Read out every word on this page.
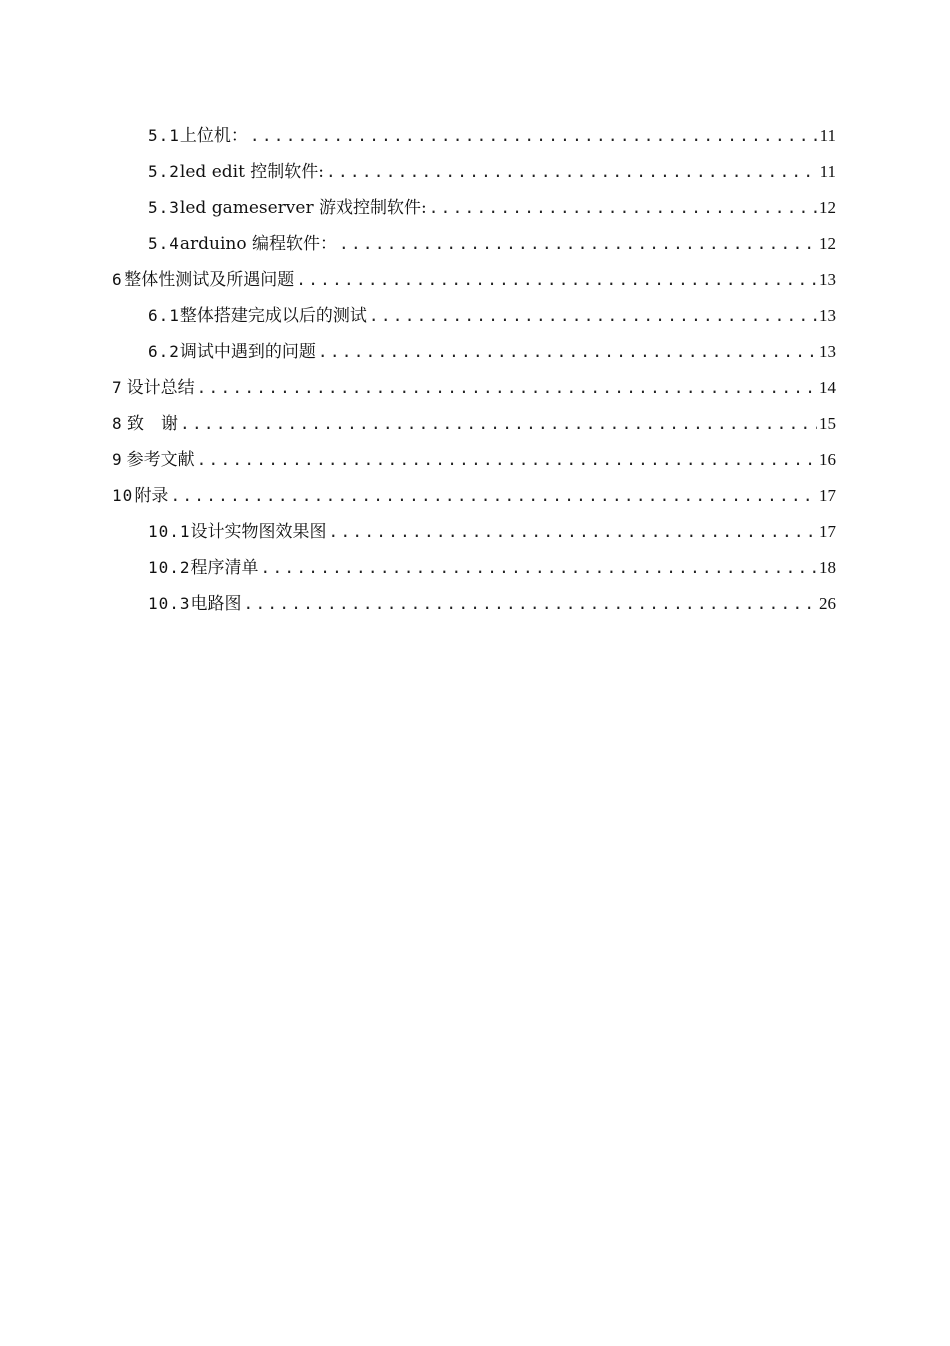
5.1 上位机： .....	11
5.2 led edit 控制软件: .....	11
5.3 led gameserver 游戏控制软件: .....	12
5.4 arduino 编程软件： .....	12
6 整体性测试及所遇问题 .....	13
6.1 整体搭建完成以后的测试 .....	13
6.2 调试中遇到的问题 .....	13
7 设计总结 .....	14
8 致　谢 .....	15
9 参考文献 .....	16
10 附录 .....	17
10.1 设计实物图效果图 .....	17
10.2 程序清单 .....	18
10.3 电路图 .....	26
